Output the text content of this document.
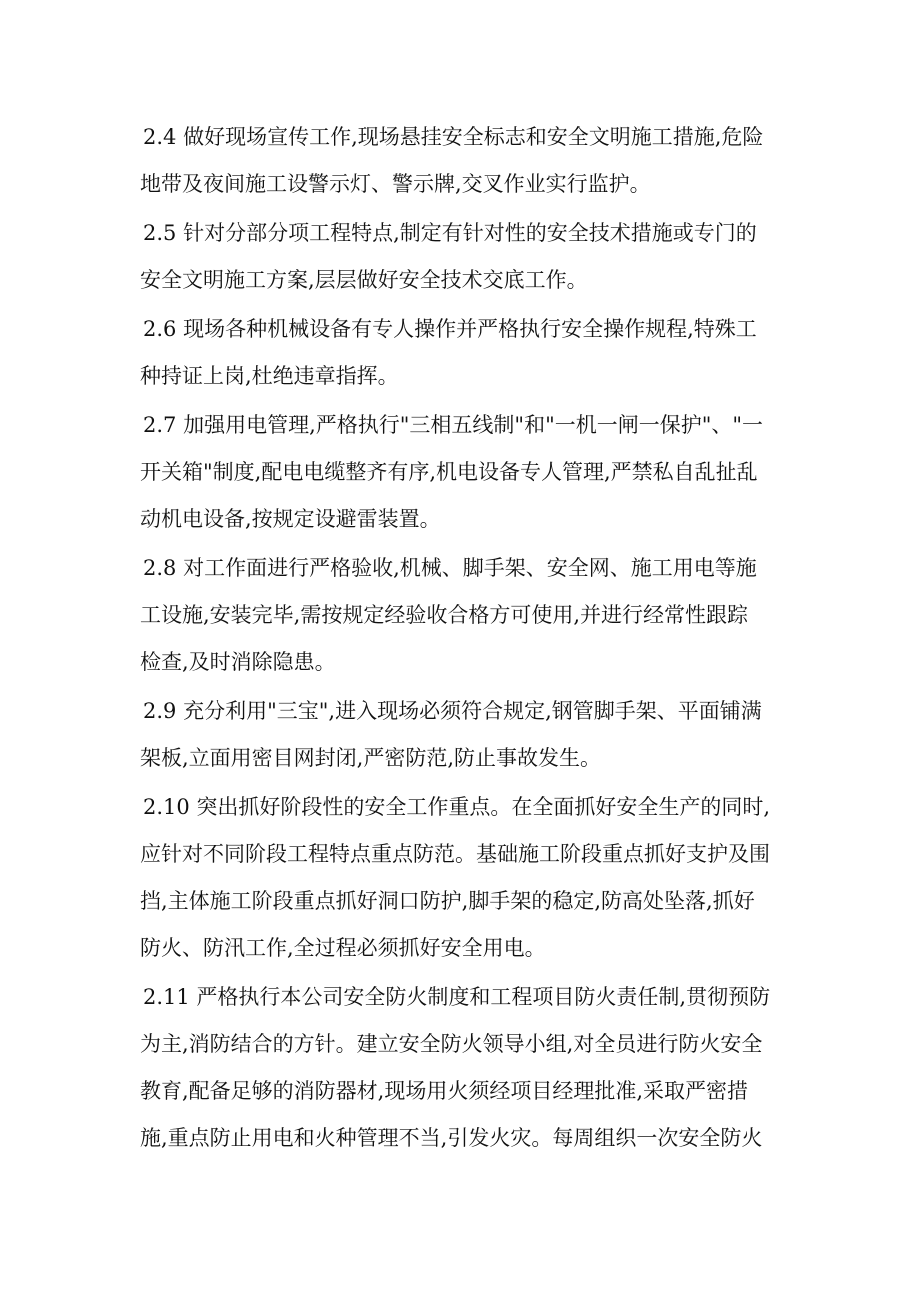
2.4 做好现场宣传工作,现场悬挂安全标志和安全文明施工措施,危险
地带及夜间施工设警示灯、警示牌,交叉作业实行监护。
2.5 针对分部分项工程特点,制定有针对性的安全技术措施或专门的
安全文明施工方案,层层做好安全技术交底工作。
2.6 现场各种机械设备有专人操作并严格执行安全操作规程,特殊工
种持证上岗,杜绝违章指挥。
2.7 加强用电管理,严格执行"三相五线制"和"一机一闸一保护"、"一
开关箱"制度,配电电缆整齐有序,机电设备专人管理,严禁私自乱扯乱
动机电设备,按规定设避雷装置。
2.8 对工作面进行严格验收,机械、脚手架、安全网、施工用电等施
工设施,安装完毕,需按规定经验收合格方可使用,并进行经常性跟踪
检查,及时消除隐患。
2.9 充分利用"三宝",进入现场必须符合规定,钢管脚手架、平面铺满
架板,立面用密目网封闭,严密防范,防止事故发生。
2.10 突出抓好阶段性的安全工作重点。在全面抓好安全生产的同时,
应针对不同阶段工程特点重点防范。基础施工阶段重点抓好支护及围
挡,主体施工阶段重点抓好洞口防护,脚手架的稳定,防高处坠落,抓好
防火、防汛工作,全过程必须抓好安全用电。
2.11 严格执行本公司安全防火制度和工程项目防火责任制,贯彻预防
为主,消防结合的方针。建立安全防火领导小组,对全员进行防火安全
教育,配备足够的消防器材,现场用火须经项目经理批准,采取严密措
施,重点防止用电和火种管理不当,引发火灾。每周组织一次安全防火
